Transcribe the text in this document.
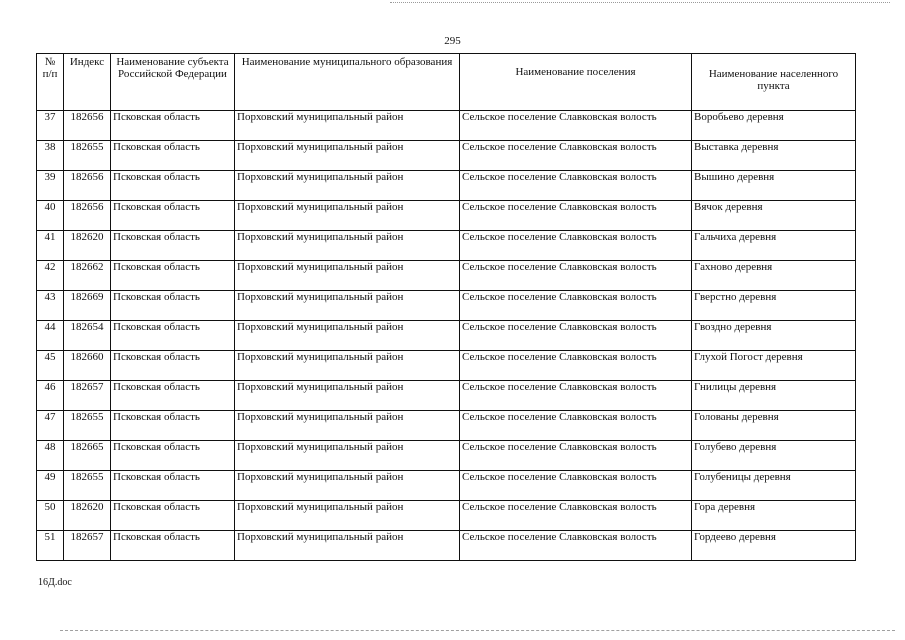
295
№ п/п	Индекс	Наименование субъекта Российской Федерации	Наименование муниципального образования	Наименование поселения	Наименование населенного пункта
37	182656	Псковская область	Порховский муниципальный район	Сельское поселение Славковская волость	Воробьево деревня
38	182655	Псковская область	Порховский муниципальный район	Сельское поселение Славковская волость	Выставка деревня
39	182656	Псковская область	Порховский муниципальный район	Сельское поселение Славковская волость	Вышино деревня
40	182656	Псковская область	Порховский муниципальный район	Сельское поселение Славковская волость	Вячок деревня
41	182620	Псковская область	Порховский муниципальный район	Сельское поселение Славковская волость	Гальчиха деревня
42	182662	Псковская область	Порховский муниципальный район	Сельское поселение Славковская волость	Гахново деревня
43	182669	Псковская область	Порховский муниципальный район	Сельское поселение Славковская волость	Гверстно деревня
44	182654	Псковская область	Порховский муниципальный район	Сельское поселение Славковская волость	Гвоздно деревня
45	182660	Псковская область	Порховский муниципальный район	Сельское поселение Славковская волость	Глухой Погост деревня
46	182657	Псковская область	Порховский муниципальный район	Сельское поселение Славковская волость	Гнилицы деревня
47	182655	Псковская область	Порховский муниципальный район	Сельское поселение Славковская волость	Голованы деревня
48	182665	Псковская область	Порховский муниципальный район	Сельское поселение Славковская волость	Голубево деревня
49	182655	Псковская область	Порховский муниципальный район	Сельское поселение Славковская волость	Голубеницы деревня
50	182620	Псковская область	Порховский муниципальный район	Сельское поселение Славковская волость	Гора деревня
51	182657	Псковская область	Порховский муниципальный район	Сельское поселение Славковская волость	Гордеево деревня
16Д.doc
